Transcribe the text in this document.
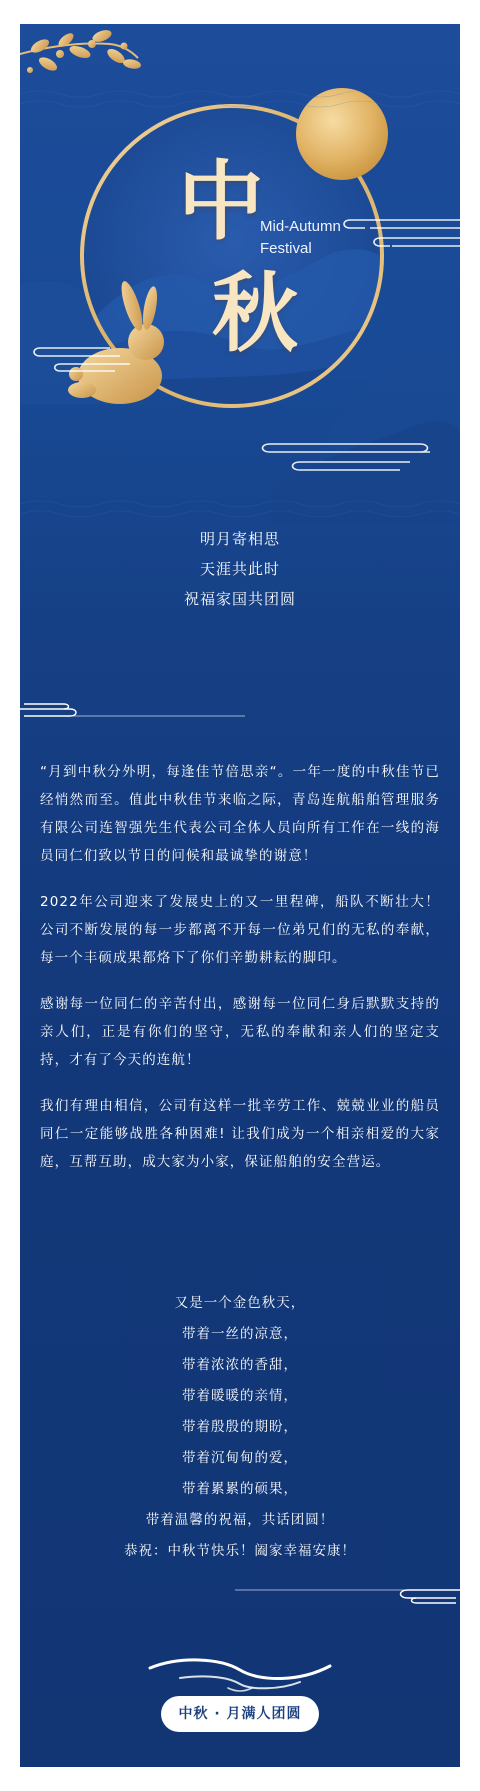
中
秋
Mid-Autumn
Festival
明月寄相思
天涯共此时
祝福家国共团圆

“月到中秋分外明，每逢佳节倍思亲“。一年一度的中秋佳节已经悄然而至。值此中秋佳节来临之际，青岛连航船舶管理服务有限公司连智强先生代表公司全体人员向所有工作在一线的海员同仁们致以节日的问候和最诚挚的谢意！

2022年公司迎来了发展史上的又一里程碑，船队不断壮大！公司不断发展的每一步都离不开每一位弟兄们的无私的奉献，每一个丰硕成果都烙下了你们辛勤耕耘的脚印。

感谢每一位同仁的辛苦付出，感谢每一位同仁身后默默支持的亲人们，正是有你们的坚守，无私的奉献和亲人们的坚定支持，才有了今天的连航！

我们有理由相信，公司有这样一批辛劳工作、兢兢业业的船员同仁一定能够战胜各种困难! 让我们成为一个相亲相爱的大家庭，互帮互助，成大家为小家，保证船舶的安全营运。

又是一个金色秋天，
带着一丝的凉意，
带着浓浓的香甜，
带着暖暖的亲情，
带着殷殷的期盼，
带着沉甸甸的爱，
带着累累的硕果，
带着温馨的祝福，共话团圆！
恭祝：中秋节快乐！阖家幸福安康！
中秋 · 月满人团圆
